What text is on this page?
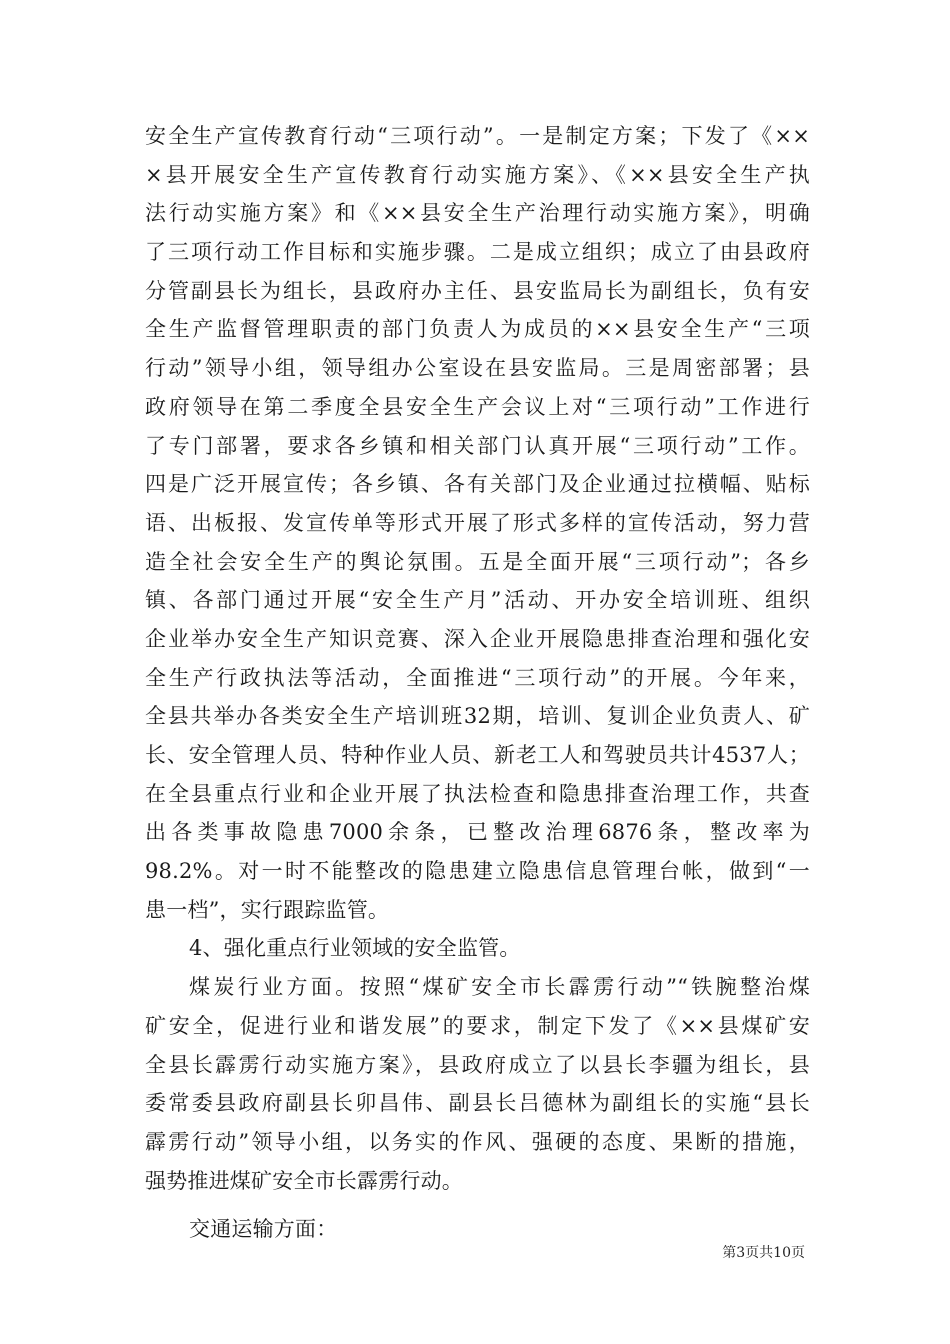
安全生产宣传教育行动“三项行动”。一是制定方案；下发了《××
×县开展安全生产宣传教育行动实施方案》、《××县安全生产执
法行动实施方案》和《××县安全生产治理行动实施方案》，明确
了三项行动工作目标和实施步骤。二是成立组织；成立了由县政府
分管副县长为组长，县政府办主任、县安监局长为副组长，负有安
全生产监督管理职责的部门负责人为成员的××县安全生产“三项
行动”领导小组，领导组办公室设在县安监局。三是周密部署；县
政府领导在第二季度全县安全生产会议上对“三项行动”工作进行
了专门部署，要求各乡镇和相关部门认真开展“三项行动”工作。
四是广泛开展宣传；各乡镇、各有关部门及企业通过拉横幅、贴标
语、出板报、发宣传单等形式开展了形式多样的宣传活动，努力营
造全社会安全生产的舆论氛围。五是全面开展“三项行动”；各乡
镇、各部门通过开展“安全生产月”活动、开办安全培训班、组织
企业举办安全生产知识竞赛、深入企业开展隐患排查治理和强化安
全生产行政执法等活动，全面推进“三项行动”的开展。今年来，
全县共举办各类安全生产培训班32期，培训、复训企业负责人、矿
长、安全管理人员、特种作业人员、新老工人和驾驶员共计4537人；
在全县重点行业和企业开展了执法检查和隐患排查治理工作，共查
出各类事故隐患7000余条，已整改治理6876条，整改率为
98.2%。对一时不能整改的隐患建立隐患信息管理台帐，做到“一
患一档”，实行跟踪监管。
4、强化重点行业领域的安全监管。
煤炭行业方面。按照“煤矿安全市长霹雳行动”“铁腕整治煤
矿安全，促进行业和谐发展”的要求，制定下发了《××县煤矿安
全县长霹雳行动实施方案》，县政府成立了以县长李疆为组长，县
委常委县政府副县长卯昌伟、副县长吕德林为副组长的实施“县长
霹雳行动”领导小组，以务实的作风、强硬的态度、果断的措施，
强势推进煤矿安全市长霹雳行动。
交通运输方面：
第3页共10页
